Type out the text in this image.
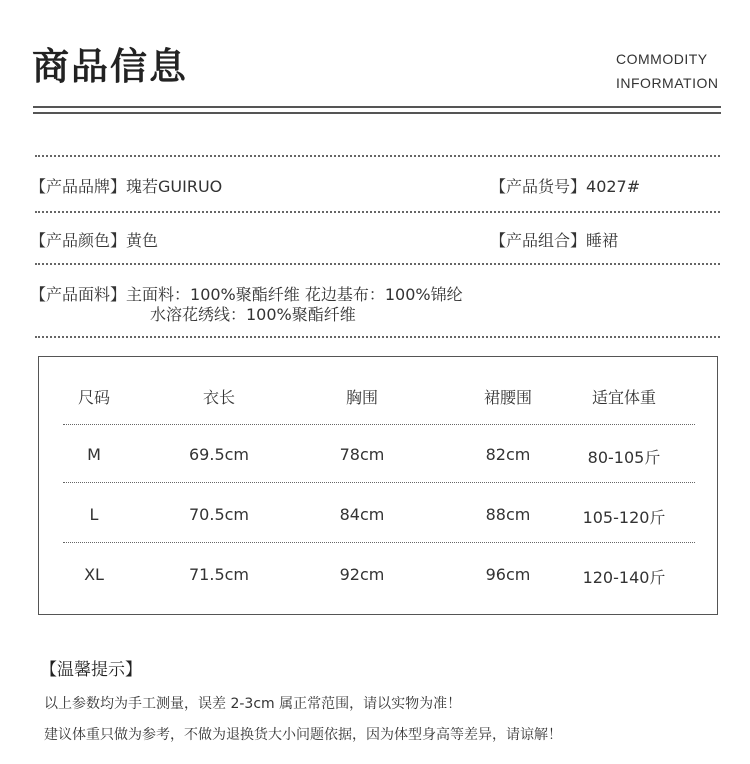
商品信息	COMMODITY
INFORMATION
【产品品牌】瑰若GUIRUO	【产品货号】4027#
【产品颜色】黄色	【产品组合】睡裙
【产品面料】主面料：100%聚酯纤维 花边基布：100%锦纶
水溶花绣线：100%聚酯纤维
尺码	衣长	胸围	裙腰围	适宜体重
M	69.5cm	78cm	82cm	80-105斤
L	70.5cm	84cm	88cm	105-120斤
XL	71.5cm	92cm	96cm	120-140斤
【温馨提示】
以上参数均为手工测量，误差 2-3cm 属正常范围，请以实物为准！
建议体重只做为参考，不做为退换货大小问题依据，因为体型身高等差异，请谅解！
